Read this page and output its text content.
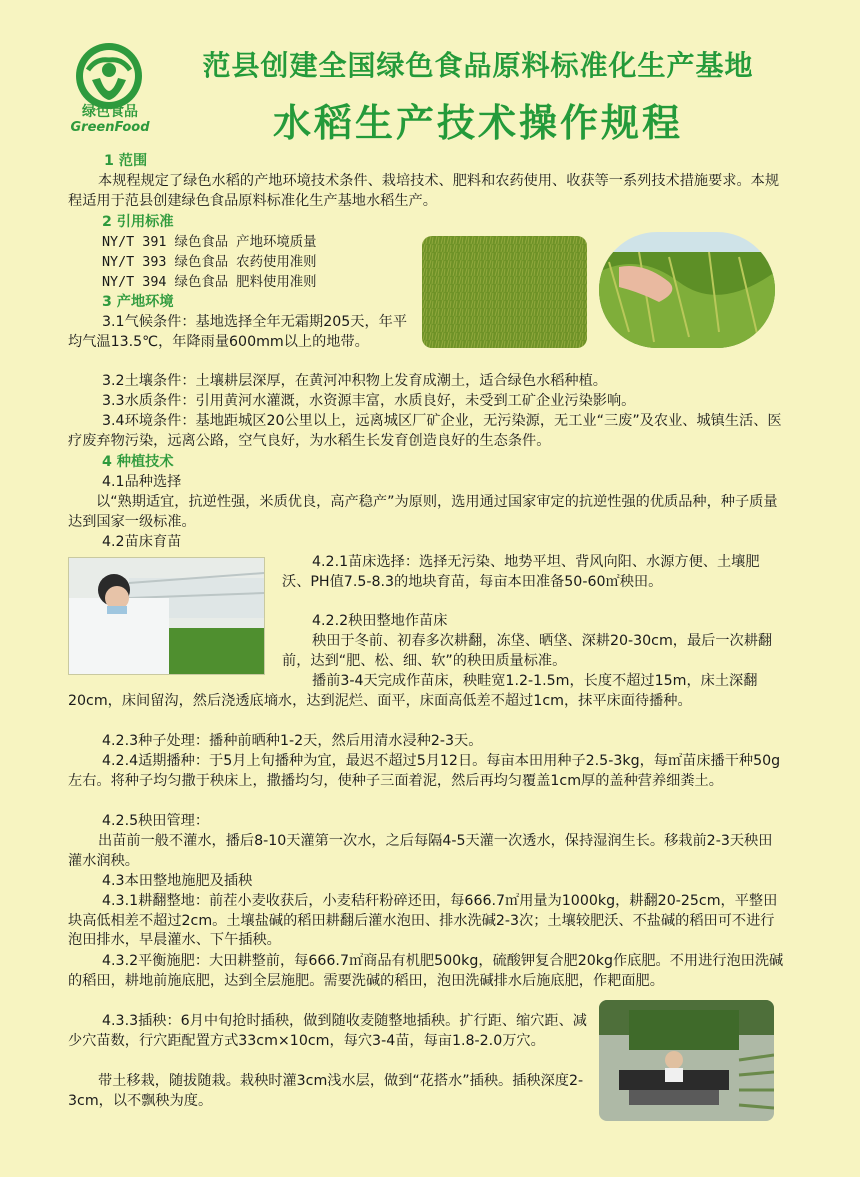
绿色食品
GreenFood
范县创建全国绿色食品原料标准化生产基地
水稻生产技术操作规程
1 范围
本规程规定了绿色水稻的产地环境技术条件、栽培技术、肥料和农药使用、收获等一系列技术措施要求。本规程适用于范县创建绿色食品原料标准化生产基地水稻生产。
2 引用标准
NY/T 391 绿色食品 产地环境质量
NY/T 393 绿色食品 农药使用准则
NY/T 394 绿色食品 肥料使用准则
3 产地环境
3.1气候条件：基地选择全年无霜期205天，年平均气温13.5℃，年降雨量600mm以上的地带。
3.2土壤条件：土壤耕层深厚，在黄河冲积物上发育成潮土，适合绿色水稻种植。
3.3水质条件：引用黄河水灌溉，水资源丰富，水质良好，未受到工矿企业污染影响。
3.4环境条件：基地距城区20公里以上，远离城区厂矿企业，无污染源，无工业“三废”及农业、城镇生活、医疗废弃物污染，远离公路，空气良好，为水稻生长发育创造良好的生态条件。
4 种植技术
4.1品种选择
以“熟期适宜，抗逆性强，米质优良，高产稳产”为原则，选用通过国家审定的抗逆性强的优质品种，种子质量达到国家一级标准。
4.2苗床育苗
4.2.1苗床选择：选择无污染、地势平坦、背风向阳、水源方便、土壤肥沃、PH值7.5-8.3的地块育苗，每亩本田准备50-60㎡秧田。
4.2.2秧田整地作苗床
秧田于冬前、初春多次耕翻，冻垡、晒垡、深耕20-30cm，最后一次耕翻前，达到“肥、松、细、软”的秧田质量标准。
播前3-4天完成作苗床，秧畦宽1.2-1.5m，长度不超过15m，床土深翻20cm，床间留沟，然后浇透底墒水，达到泥烂、面平，床面高低差不超过1cm，抹平床面待播种。
4.2.3种子处理：播种前晒种1-2天，然后用清水浸种2-3天。
4.2.4适期播种：于5月上旬播种为宜，最迟不超过5月12日。每亩本田用种子2.5-3kg，每㎡苗床播干种50g左右。将种子均匀撒于秧床上，撒播均匀，使种子三面着泥，然后再均匀覆盖1cm厚的盖种营养细粪土。
4.2.5秧田管理：
出苗前一般不灌水，播后8-10天灌第一次水，之后每隔4-5天灌一次透水，保持湿润生长。移栽前2-3天秧田灌水润秧。
4.3本田整地施肥及插秧
4.3.1耕翻整地：前茬小麦收获后，小麦秸秆粉碎还田，每666.7㎡用量为1000kg，耕翻20-25cm，平整田块高低相差不超过2cm。土壤盐碱的稻田耕翻后灌水泡田、排水洗碱2-3次；土壤较肥沃、不盐碱的稻田可不进行泡田排水，早晨灌水、下午插秧。
4.3.2平衡施肥：大田耕整前，每666.7㎡商品有机肥500kg，硫酸钾复合肥20kg作底肥。不用进行泡田洗碱的稻田，耕地前施底肥，达到全层施肥。需要洗碱的稻田，泡田洗碱排水后施底肥，作耙面肥。
4.3.3插秧：6月中旬抢时插秧，做到随收麦随整地插秧。扩行距、缩穴距、减少穴苗数，行穴距配置方式33cm×10cm，每穴3-4苗，每亩1.8-2.0万穴。
带土移栽，随拔随栽。栽秧时灌3cm浅水层，做到“花搭水”插秧。插秧深度2-3cm，以不飘秧为度。
